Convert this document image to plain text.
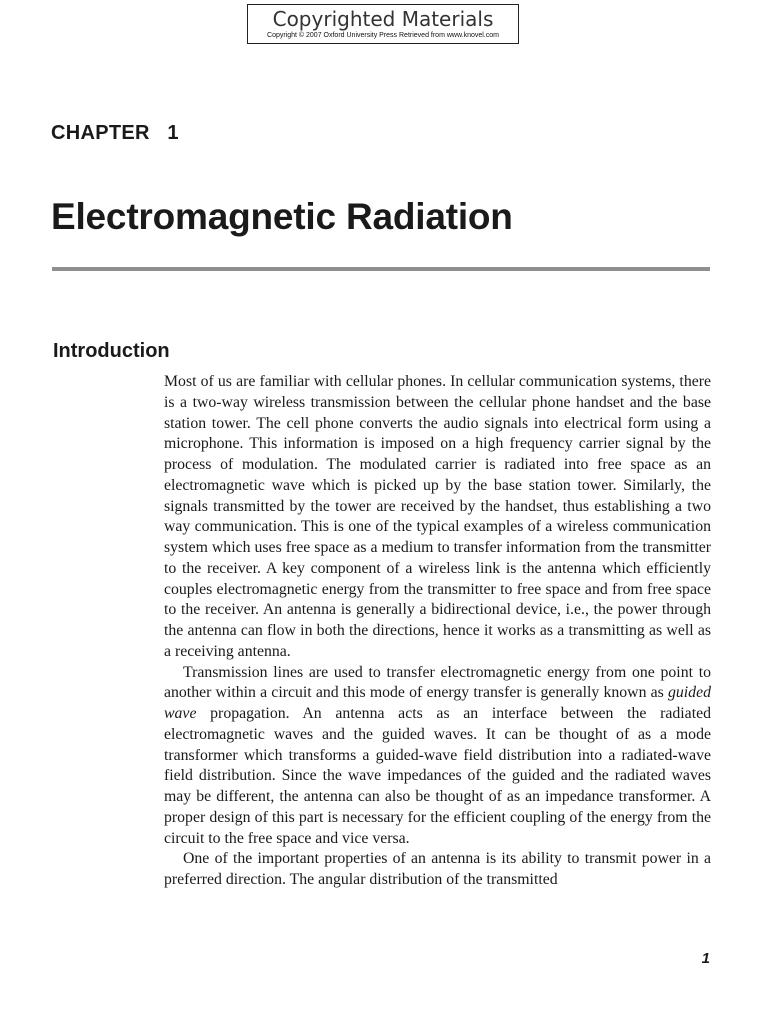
Copyrighted Materials
Copyright © 2007 Oxford University Press Retrieved from www.knovel.com
CHAPTER   1
Electromagnetic Radiation
Introduction

Most of us are familiar with cellular phones. In cellular communication systems, there is a two-way wireless transmission between the cellular phone handset and the base station tower. The cell phone converts the audio signals into electrical form using a microphone. This information is imposed on a high frequency carrier signal by the process of modulation. The modulated carrier is radiated into free space as an electromagnetic wave which is picked up by the base station tower. Similarly, the signals transmitted by the tower are received by the handset, thus establishing a two way communication. This is one of the typical examples of a wireless communication system which uses free space as a medium to transfer information from the transmitter to the receiver. A key component of a wireless link is the antenna which efficiently couples electromagnetic energy from the transmitter to free space and from free space to the receiver. An antenna is generally a bidirectional device, i.e., the power through the antenna can flow in both the directions, hence it works as a transmitting as well as a receiving antenna.

Transmission lines are used to transfer electromagnetic energy from one point to another within a circuit and this mode of energy transfer is generally known as guided wave propagation. An antenna acts as an interface between the radiated electromagnetic waves and the guided waves. It can be thought of as a mode transformer which transforms a guided-wave field distribution into a radiated-wave field distribution. Since the wave impedances of the guided and the radiated waves may be different, the antenna can also be thought of as an impedance transformer. A proper design of this part is necessary for the efficient coupling of the energy from the circuit to the free space and vice versa.

One of the important properties of an antenna is its ability to transmit power in a preferred direction. The angular distribution of the transmitted

1
